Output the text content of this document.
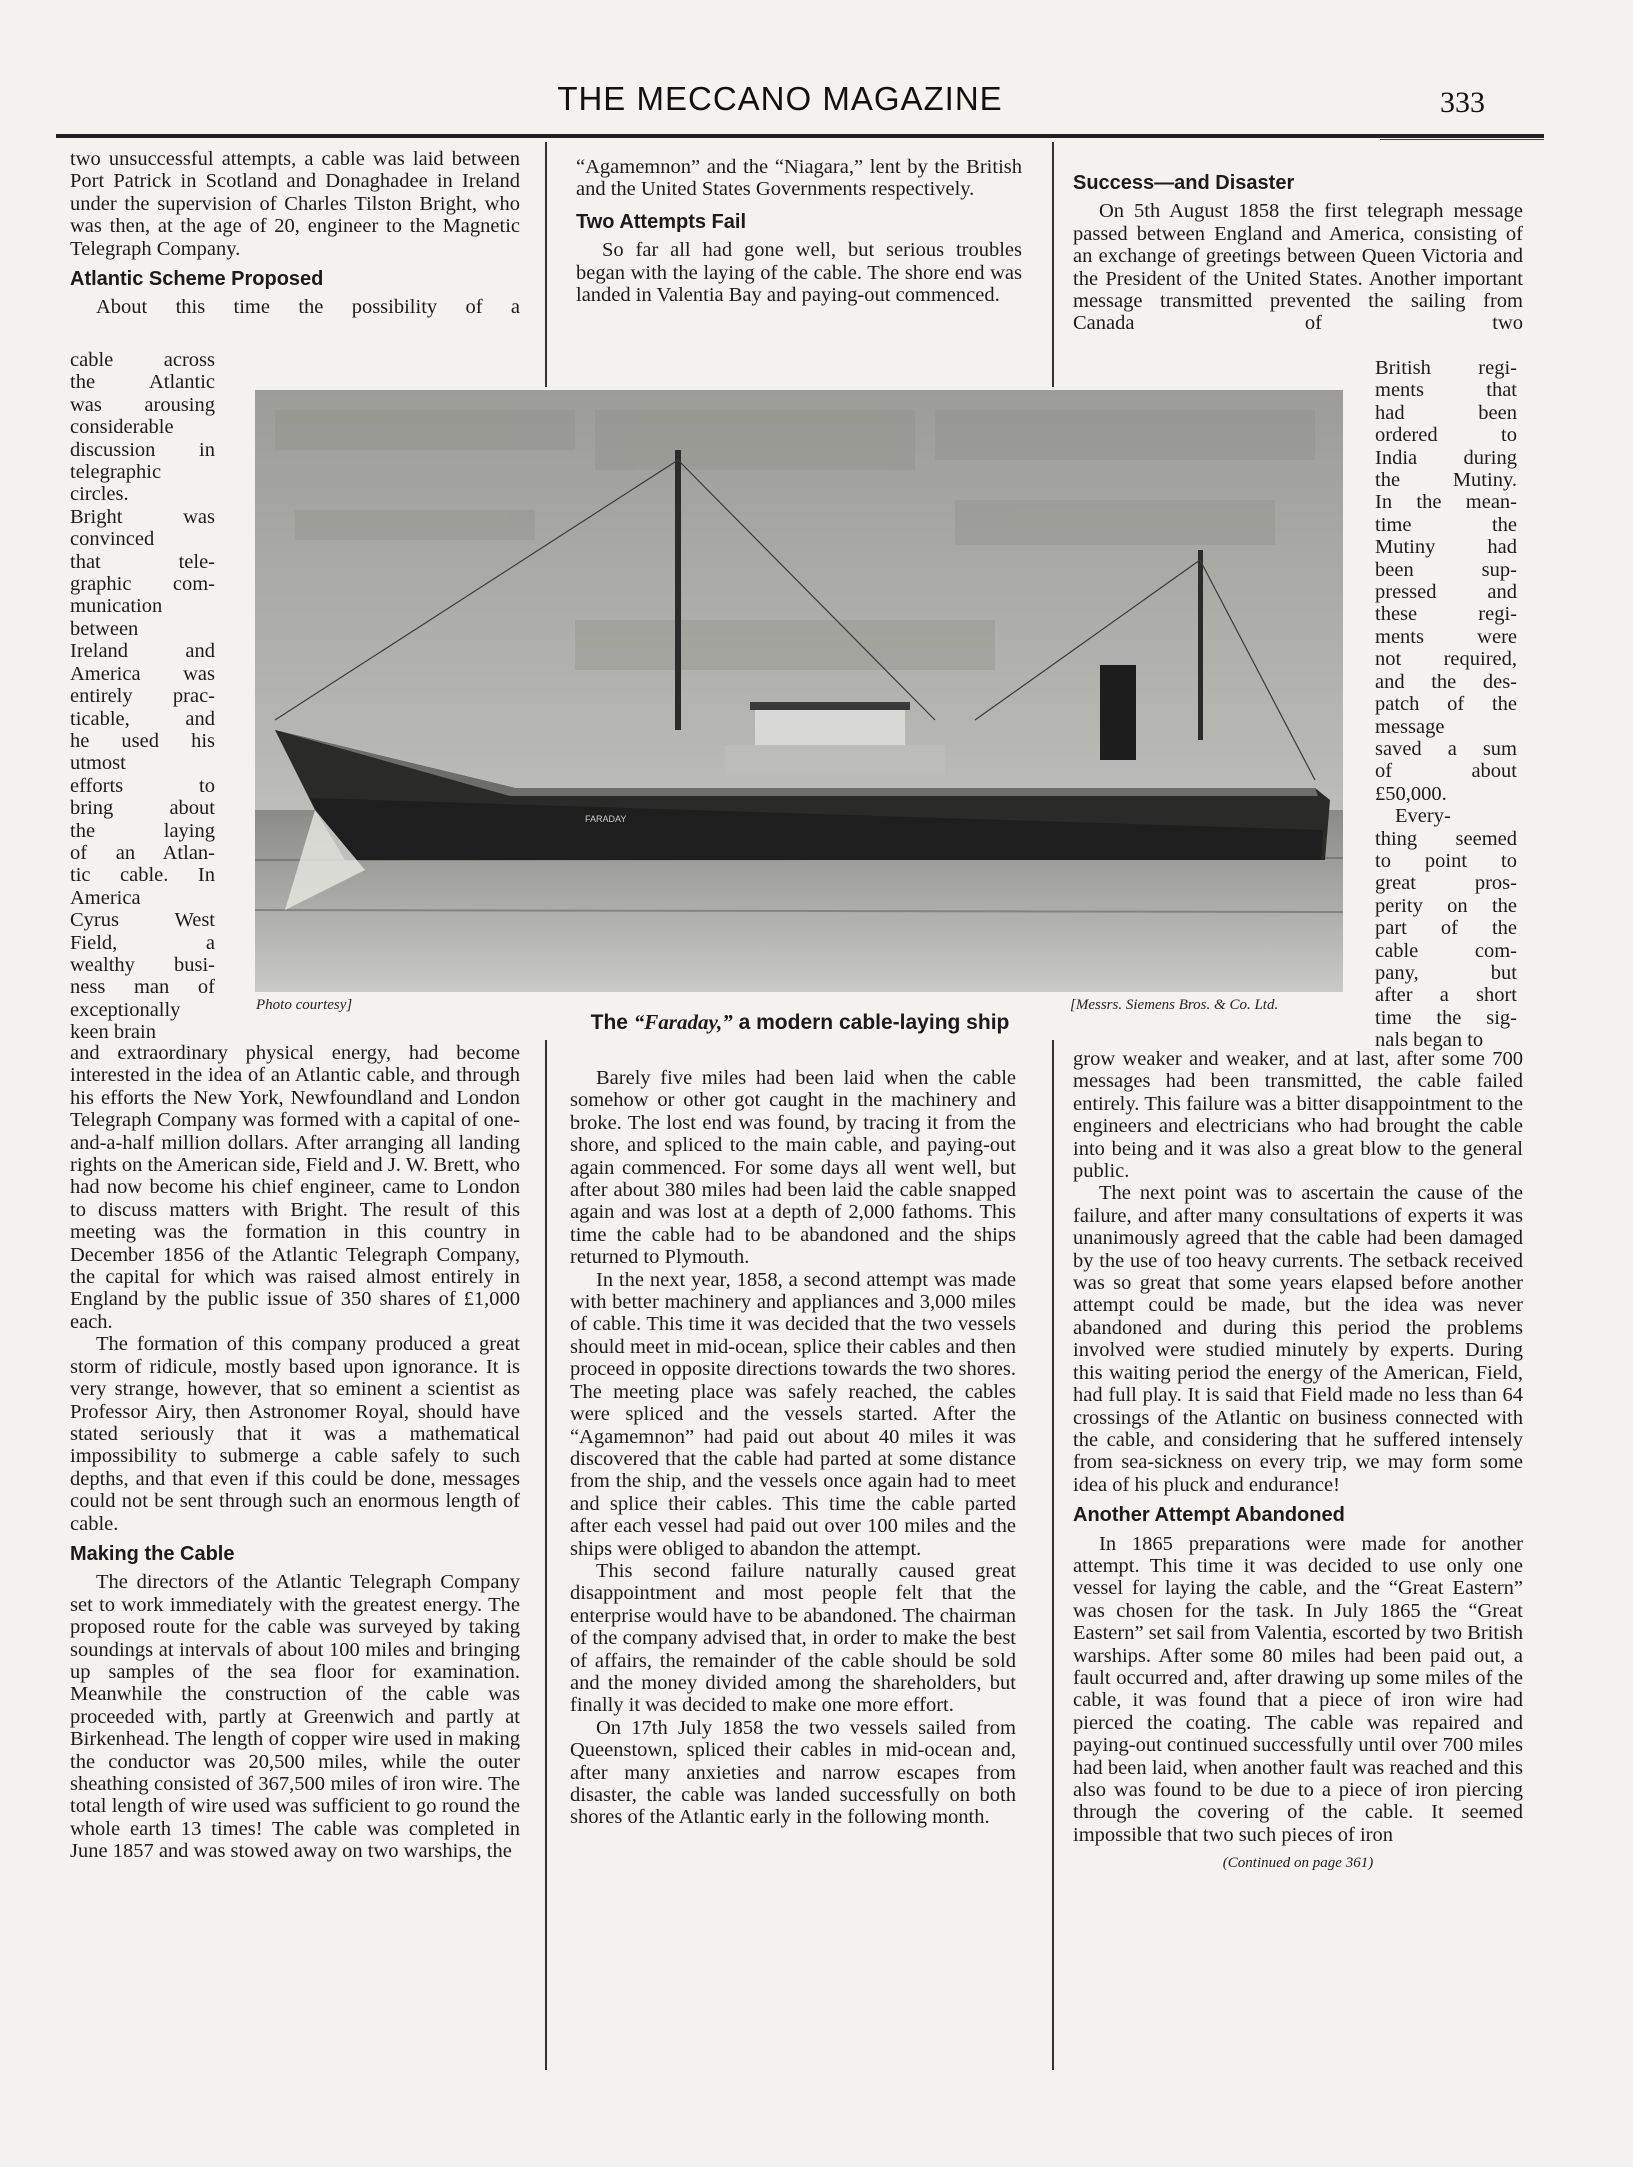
THE MECCANO MAGAZINE	333

two unsuccessful attempts, a cable was laid between Port Patrick in Scotland and Donaghadee in Ireland under the supervision of Charles Tilston Bright, who was then, at the age of 20, engineer to the Magnetic Telegraph Company.

Atlantic Scheme Proposed

About this time the possibility of a

cable across
the Atlantic
was arousing
considerable
discussion in
telegraphic
circles.
Bright was
convinced
that tele-
graphic com-
munication
between
Ireland and
America was
entirely prac-
ticable, and
he used his
utmost
efforts to
bring about
the laying
of an Atlan-
tic cable. In
America
Cyrus West
Field, a
wealthy busi-
ness man of
exceptionally
keen brain

and extraordinary physical energy, had become interested in the idea of an Atlantic cable, and through his efforts the New York, Newfoundland and London Telegraph Company was formed with a capital of one-and-a-half million dollars. After arranging all landing rights on the American side, Field and J. W. Brett, who had now become his chief engineer, came to London to discuss matters with Bright. The result of this meeting was the formation in this country in December 1856 of the Atlantic Telegraph Company, the capital for which was raised almost entirely in England by the public issue of 350 shares of £1,000 each.

The formation of this company produced a great storm of ridicule, mostly based upon ignorance. It is very strange, however, that so eminent a scientist as Professor Airy, then Astronomer Royal, should have stated seriously that it was a mathematical impossibility to submerge a cable safely to such depths, and that even if this could be done, messages could not be sent through such an enormous length of cable.

Making the Cable

The directors of the Atlantic Telegraph Company set to work immediately with the greatest energy. The proposed route for the cable was surveyed by taking soundings at intervals of about 100 miles and bringing up samples of the sea floor for examination. Meanwhile the construction of the cable was proceeded with, partly at Greenwich and partly at Birkenhead. The length of copper wire used in making the conductor was 20,500 miles, while the outer sheathing consisted of 367,500 miles of iron wire. The total length of wire used was sufficient to go round the whole earth 13 times! The cable was completed in June 1857 and was stowed away on two warships, the

“Agamemnon” and the “Niagara,” lent by the British and the United States Governments respectively.

Two Attempts Fail

So far all had gone well, but serious troubles began with the laying of the cable. The shore end was landed in Valentia Bay and paying-out commenced.

Barely five miles had been laid when the cable somehow or other got caught in the machinery and broke. The lost end was found, by tracing it from the shore, and spliced to the main cable, and paying-out again commenced. For some days all went well, but after about 380 miles had been laid the cable snapped again and was lost at a depth of 2,000 fathoms. This time the cable had to be abandoned and the ships returned to Plymouth.

In the next year, 1858, a second attempt was made with better machinery and appliances and 3,000 miles of cable. This time it was decided that the two vessels should meet in mid-ocean, splice their cables and then proceed in opposite directions towards the two shores. The meeting place was safely reached, the cables were spliced and the vessels started. After the “Agamemnon” had paid out about 40 miles it was discovered that the cable had parted at some distance from the ship, and the vessels once again had to meet and splice their cables. This time the cable parted after each vessel had paid out over 100 miles and the ships were obliged to abandon the attempt.

This second failure naturally caused great disappointment and most people felt that the enterprise would have to be abandoned. The chairman of the company advised that, in order to make the best of affairs, the remainder of the cable should be sold and the money divided among the shareholders, but finally it was decided to make one more effort.

On 17th July 1858 the two vessels sailed from Queenstown, spliced their cables in mid-ocean and, after many anxieties and narrow escapes from disaster, the cable was landed successfully on both shores of the Atlantic early in the following month.

Success—and Disaster

On 5th August 1858 the first telegraph message passed between England and America, consisting of an exchange of greetings between Queen Victoria and the President of the United States. Another important message transmitted prevented the sailing from Canada of two

British regi-
ments that
had been
ordered to
India during
the Mutiny.
In the mean-
time the
Mutiny had
been sup-
pressed and
these regi-
ments were
not required,
and the des-
patch of the
message
saved a sum
of about
£50,000.
Every-
thing seemed
to point to
great pros-
perity on the
part of the
cable com-
pany, but
after a short
time the sig-
nals began to

grow weaker and weaker, and at last, after some 700 messages had been transmitted, the cable failed entirely. This failure was a bitter disappointment to the engineers and electricians who had brought the cable into being and it was also a great blow to the general public.

The next point was to ascertain the cause of the failure, and after many consultations of experts it was unanimously agreed that the cable had been damaged by the use of too heavy currents. The setback received was so great that some years elapsed before another attempt could be made, but the idea was never abandoned and during this period the problems involved were studied minutely by experts. During this waiting period the energy of the American, Field, had full play. It is said that Field made no less than 64 crossings of the Atlantic on business connected with the cable, and considering that he suffered intensely from sea-sickness on every trip, we may form some idea of his pluck and endurance!

Another Attempt Abandoned

In 1865 preparations were made for another attempt. This time it was decided to use only one vessel for laying the cable, and the “Great Eastern” was chosen for the task. In July 1865 the “Great Eastern” set sail from Valentia, escorted by two British warships. After some 80 miles had been paid out, a fault occurred and, after drawing up some miles of the cable, it was found that a piece of iron wire had pierced the coating. The cable was repaired and paying-out continued successfully until over 700 miles had been laid, when another fault was reached and this also was found to be due to a piece of iron piercing through the covering of the cable. It seemed impossible that two such pieces of iron

(Continued on page 361)
FARADAY
Photo courtesy]	[Messrs. Siemens Bros. & Co. Ltd.
The “Faraday,” a modern cable-laying ship
